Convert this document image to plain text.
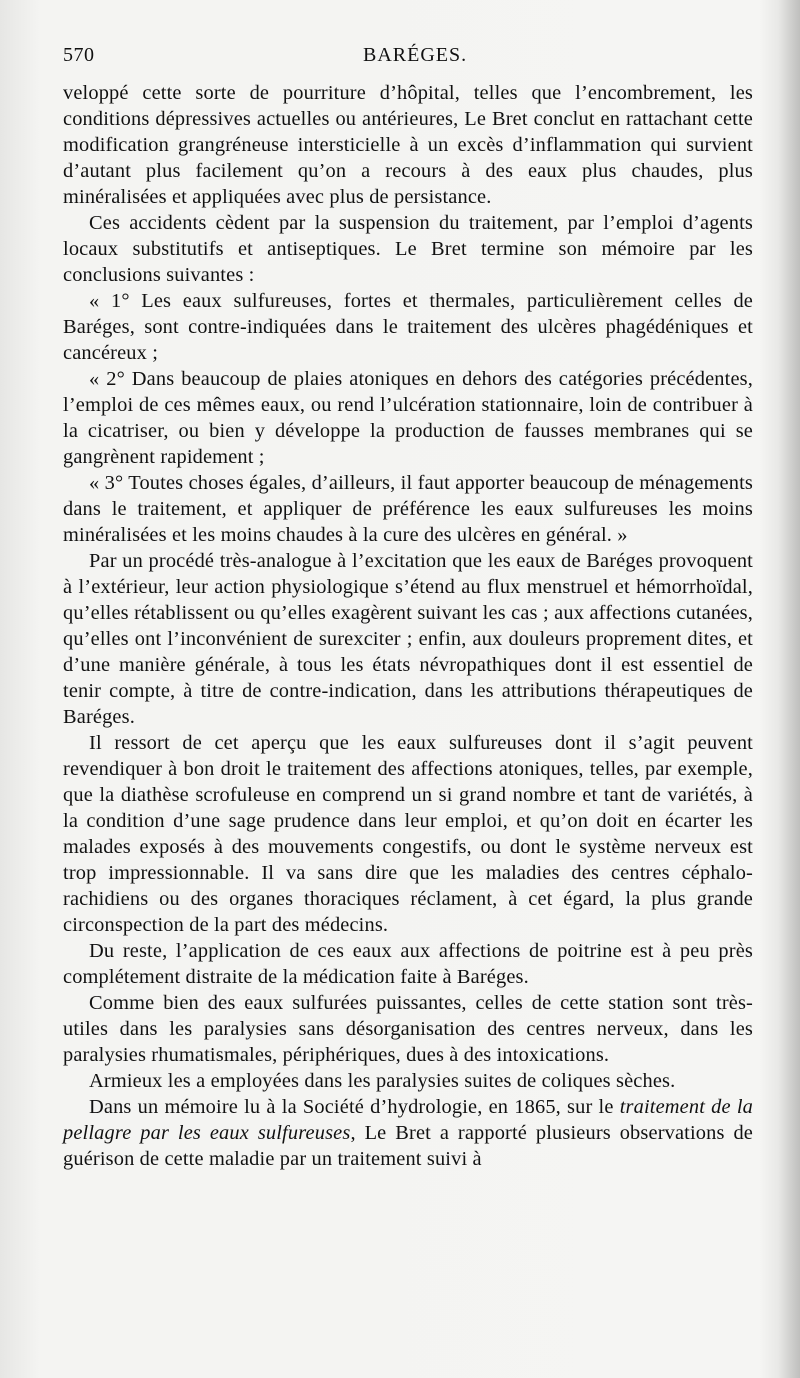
570	BARÉGES.

veloppé cette sorte de pourriture d’hôpital, telles que l’encombrement, les conditions dépressives actuelles ou antérieures, Le Bret conclut en rattachant cette modification grangréneuse intersticielle à un excès d’inflammation qui survient d’autant plus facilement qu’on a recours à des eaux plus chaudes, plus minéralisées et appliquées avec plus de persistance.

Ces accidents cèdent par la suspension du traitement, par l’emploi d’agents locaux substitutifs et antiseptiques. Le Bret termine son mémoire par les conclusions suivantes :

« 1° Les eaux sulfureuses, fortes et thermales, particulièrement celles de Baréges, sont contre-indiquées dans le traitement des ulcères phagédéniques et cancéreux ;

« 2° Dans beaucoup de plaies atoniques en dehors des catégories précédentes, l’emploi de ces mêmes eaux, ou rend l’ulcération stationnaire, loin de contribuer à la cicatriser, ou bien y développe la production de fausses membranes qui se gangrènent rapidement ;

« 3° Toutes choses égales, d’ailleurs, il faut apporter beaucoup de ménagements dans le traitement, et appliquer de préférence les eaux sulfureuses les moins minéralisées et les moins chaudes à la cure des ulcères en général. »

Par un procédé très-analogue à l’excitation que les eaux de Baréges provoquent à l’extérieur, leur action physiologique s’étend au flux menstruel et hémorrhoïdal, qu’elles rétablissent ou qu’elles exagèrent suivant les cas ; aux affections cutanées, qu’elles ont l’inconvénient de surexciter ; enfin, aux douleurs proprement dites, et d’une manière générale, à tous les états névropathiques dont il est essentiel de tenir compte, à titre de contre-indication, dans les attributions thérapeutiques de Baréges.

Il ressort de cet aperçu que les eaux sulfureuses dont il s’agit peuvent revendiquer à bon droit le traitement des affections atoniques, telles, par exemple, que la diathèse scrofuleuse en comprend un si grand nombre et tant de variétés, à la condition d’une sage prudence dans leur emploi, et qu’on doit en écarter les malades exposés à des mouvements congestifs, ou dont le système nerveux est trop impressionnable. Il va sans dire que les maladies des centres céphalo-rachidiens ou des organes thoraciques réclament, à cet égard, la plus grande circonspection de la part des médecins.

Du reste, l’application de ces eaux aux affections de poitrine est à peu près complétement distraite de la médication faite à Baréges.

Comme bien des eaux sulfurées puissantes, celles de cette station sont très-utiles dans les paralysies sans désorganisation des centres nerveux, dans les paralysies rhumatismales, périphériques, dues à des intoxications.

Armieux les a employées dans les paralysies suites de coliques sèches.

Dans un mémoire lu à la Société d’hydrologie, en 1865, sur le traitement de la pellagre par les eaux sulfureuses, Le Bret a rapporté plusieurs observations de guérison de cette maladie par un traitement suivi à
